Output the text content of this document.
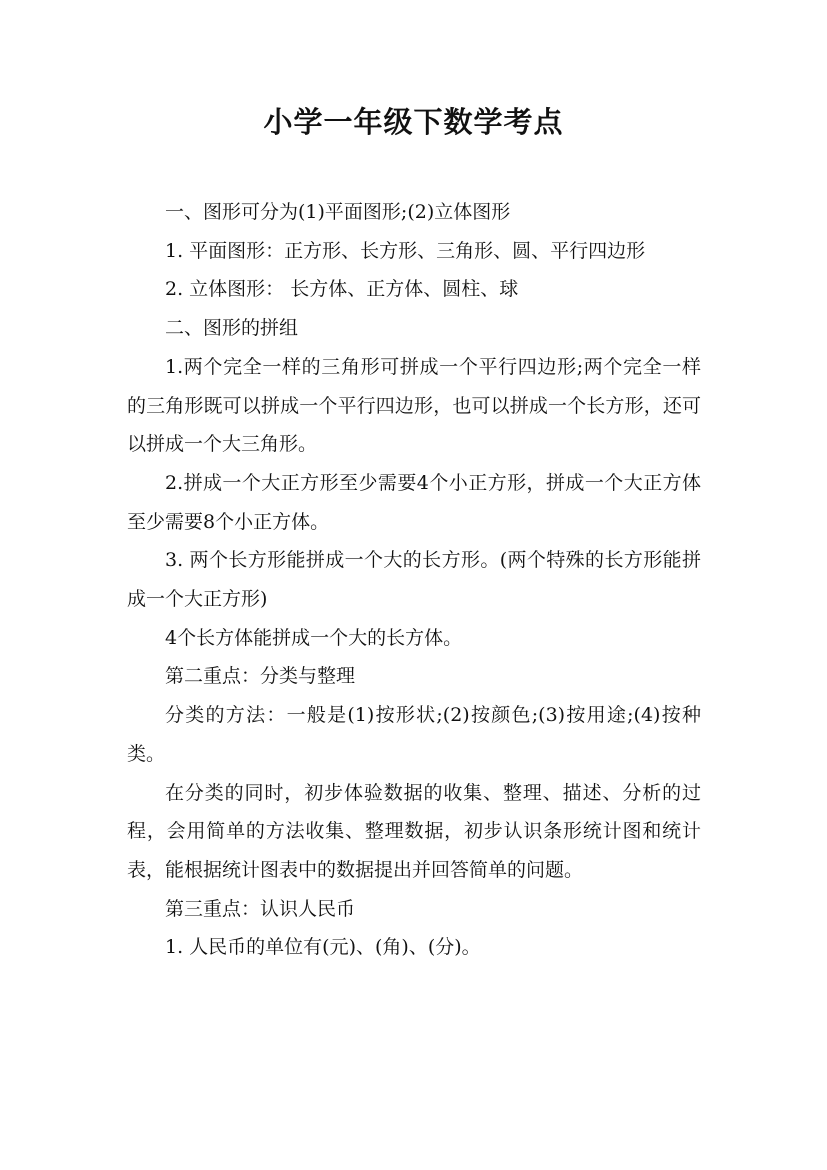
小学一年级下数学考点

一、图形可分为(1)平面图形;(2)立体图形

1. 平面图形：正方形、长方形、三角形、圆、平行四边形

2. 立体图形： 长方体、正方体、圆柱、球

二、图形的拼组

1.两个完全一样的三角形可拼成一个平行四边形;两个完全一样的三角形既可以拼成一个平行四边形，也可以拼成一个长方形，还可以拼成一个大三角形。

2.拼成一个大正方形至少需要4个小正方形，拼成一个大正方体至少需要8个小正方体。

3. 两个长方形能拼成一个大的长方形。(两个特殊的长方形能拼成一个大正方形)

4个长方体能拼成一个大的长方体。

第二重点：分类与整理

分类的方法：一般是(1)按形状;(2)按颜色;(3)按用途;(4)按种类。

在分类的同时，初步体验数据的收集、整理、描述、分析的过程，会用简单的方法收集、整理数据，初步认识条形统计图和统计表，能根据统计图表中的数据提出并回答简单的问题。

第三重点：认识人民币

1. 人民币的单位有(元)、(角)、(分)。
